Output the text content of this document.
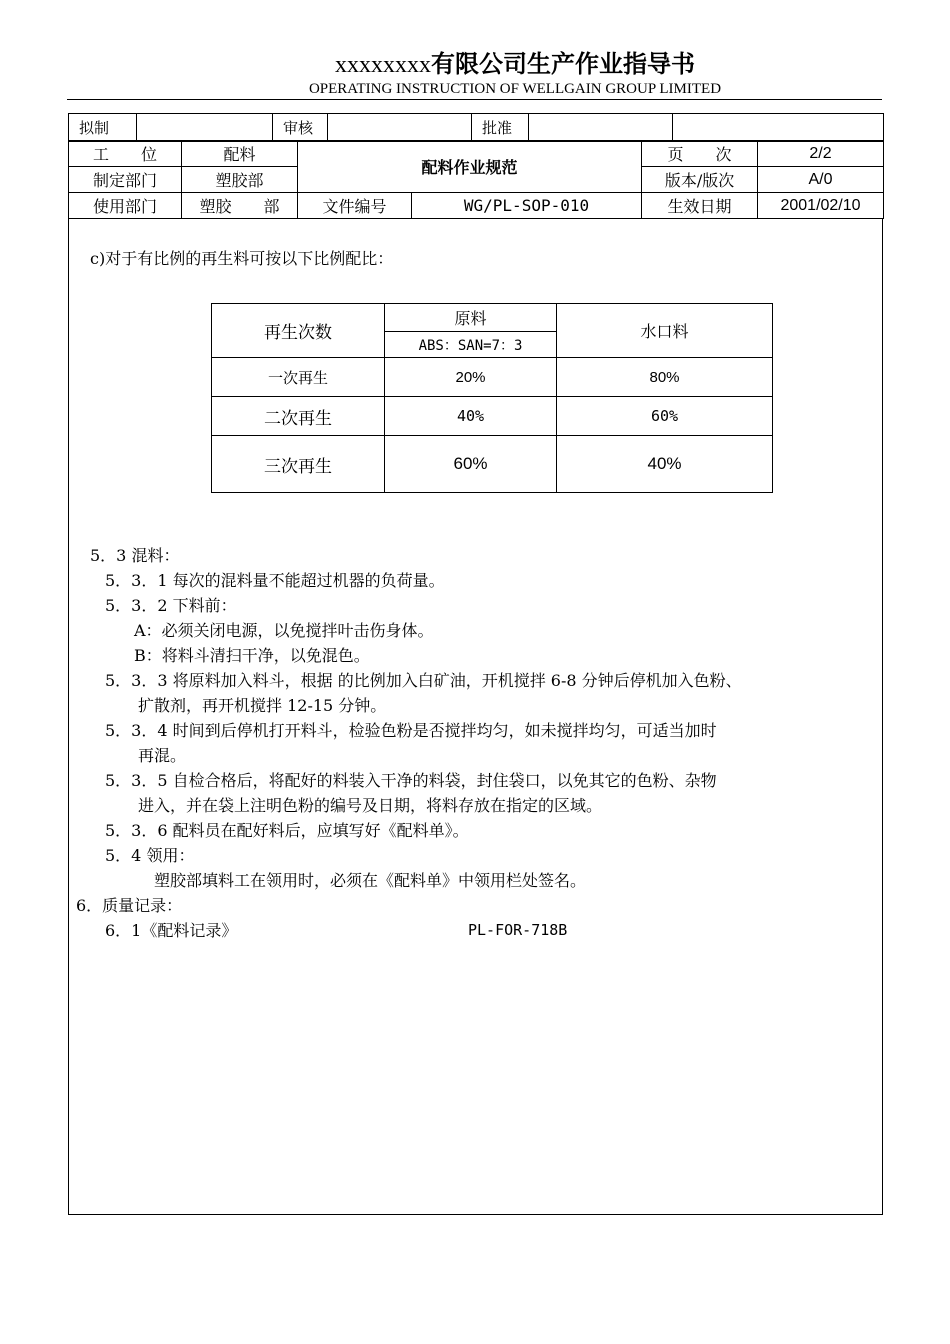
xxxxxxxx有限公司生产作业指导书
OPERATING INSTRUCTION OF WELLGAIN GROUP LIMITED
拟制		审核		批准		
工　　位	配料	配料作业规范		页　　次	2/2
制定部门	塑胶部			版本/版次	A/0
使用部门	塑胶　　部	文件编号	WG/PL-SOP-010	生效日期	2001/02/10
c)对于有比例的再生料可按以下比例配比：
再生次数	原料	水口料
	ABS：SAN=7：3	
一次再生	20%	80%
二次再生	40%	60%
三次再生	60%	40%
5．3 混料：
5．3．1 每次的混料量不能超过机器的负荷量。
5．3．2 下料前：
A：必须关闭电源，以免搅拌叶击伤身体。
B：将料斗清扫干净，以免混色。
5．3．3 将原料加入料斗，根据 的比例加入白矿油，开机搅拌 6-8 分钟后停机加入色粉、
扩散剂，再开机搅拌 12-15 分钟。
5．3．4 时间到后停机打开料斗，检验色粉是否搅拌均匀，如未搅拌均匀，可适当加时
再混。
5．3．5 自检合格后，将配好的料装入干净的料袋，封住袋口，以免其它的色粉、杂物
进入，并在袋上注明色粉的编号及日期，将料存放在指定的区域。
5．3．6 配料员在配好料后，应填写好《配料单》。
5．4 领用：
塑胶部填料工在领用时，必须在《配料单》中领用栏处签名。
6．质量记录：
6．1《配料记录》	PL-FOR-718B
